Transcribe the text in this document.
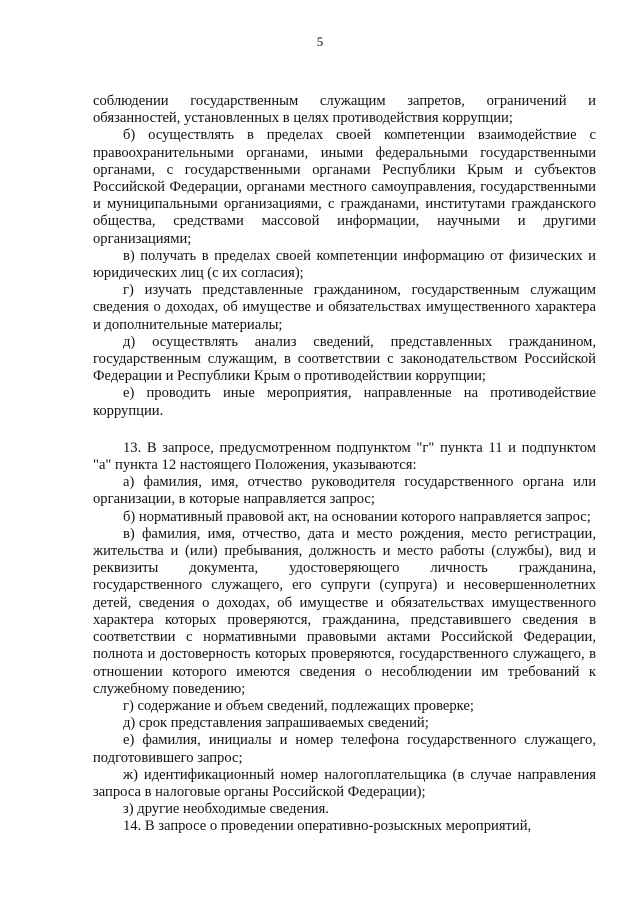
5

соблюдении государственным служащим запретов, ограничений и обязанностей, установленных в целях противодействия коррупции;

б) осуществлять в пределах своей компетенции взаимодействие с правоохранительными органами, иными федеральными государственными органами, с государственными органами Республики Крым и субъектов Российской Федерации, органами местного самоуправления, государственными и муниципальными организациями, с гражданами, институтами гражданского общества, средствами массовой информации, научными и другими организациями;

в) получать в пределах своей компетенции информацию от физических и юридических лиц (с их согласия);

г) изучать представленные гражданином, государственным служащим сведения о доходах, об имуществе и обязательствах имущественного характера и дополнительные материалы;

д) осуществлять анализ сведений, представленных гражданином, государственным служащим, в соответствии с законодательством Российской Федерации и Республики Крым о противодействии коррупции;

е) проводить иные мероприятия, направленные на противодействие коррупции.

13. В запросе, предусмотренном подпунктом "г" пункта 11 и подпунктом "а" пункта 12 настоящего Положения, указываются:

а) фамилия, имя, отчество руководителя государственного органа или организации, в которые направляется запрос;

б) нормативный правовой акт, на основании которого направляется запрос;

в) фамилия, имя, отчество, дата и место рождения, место регистрации, жительства и (или) пребывания, должность и место работы (службы), вид и реквизиты документа, удостоверяющего личность гражданина, государственного служащего, его супруги (супруга) и несовершеннолетних детей, сведения о доходах, об имуществе и обязательствах имущественного характера которых проверяются, гражданина, представившего сведения в соответствии с нормативными правовыми актами Российской Федерации, полнота и достоверность которых проверяются, государственного служащего, в отношении которого имеются сведения о несоблюдении им требований к служебному поведению;

г) содержание и объем сведений, подлежащих проверке;

д) срок представления запрашиваемых сведений;

е) фамилия, инициалы и номер телефона государственного служащего, подготовившего запрос;

ж) идентификационный номер налогоплательщика (в случае направления запроса в налоговые органы Российской Федерации);

з) другие необходимые сведения.

14. В запросе о проведении оперативно-розыскных мероприятий,
